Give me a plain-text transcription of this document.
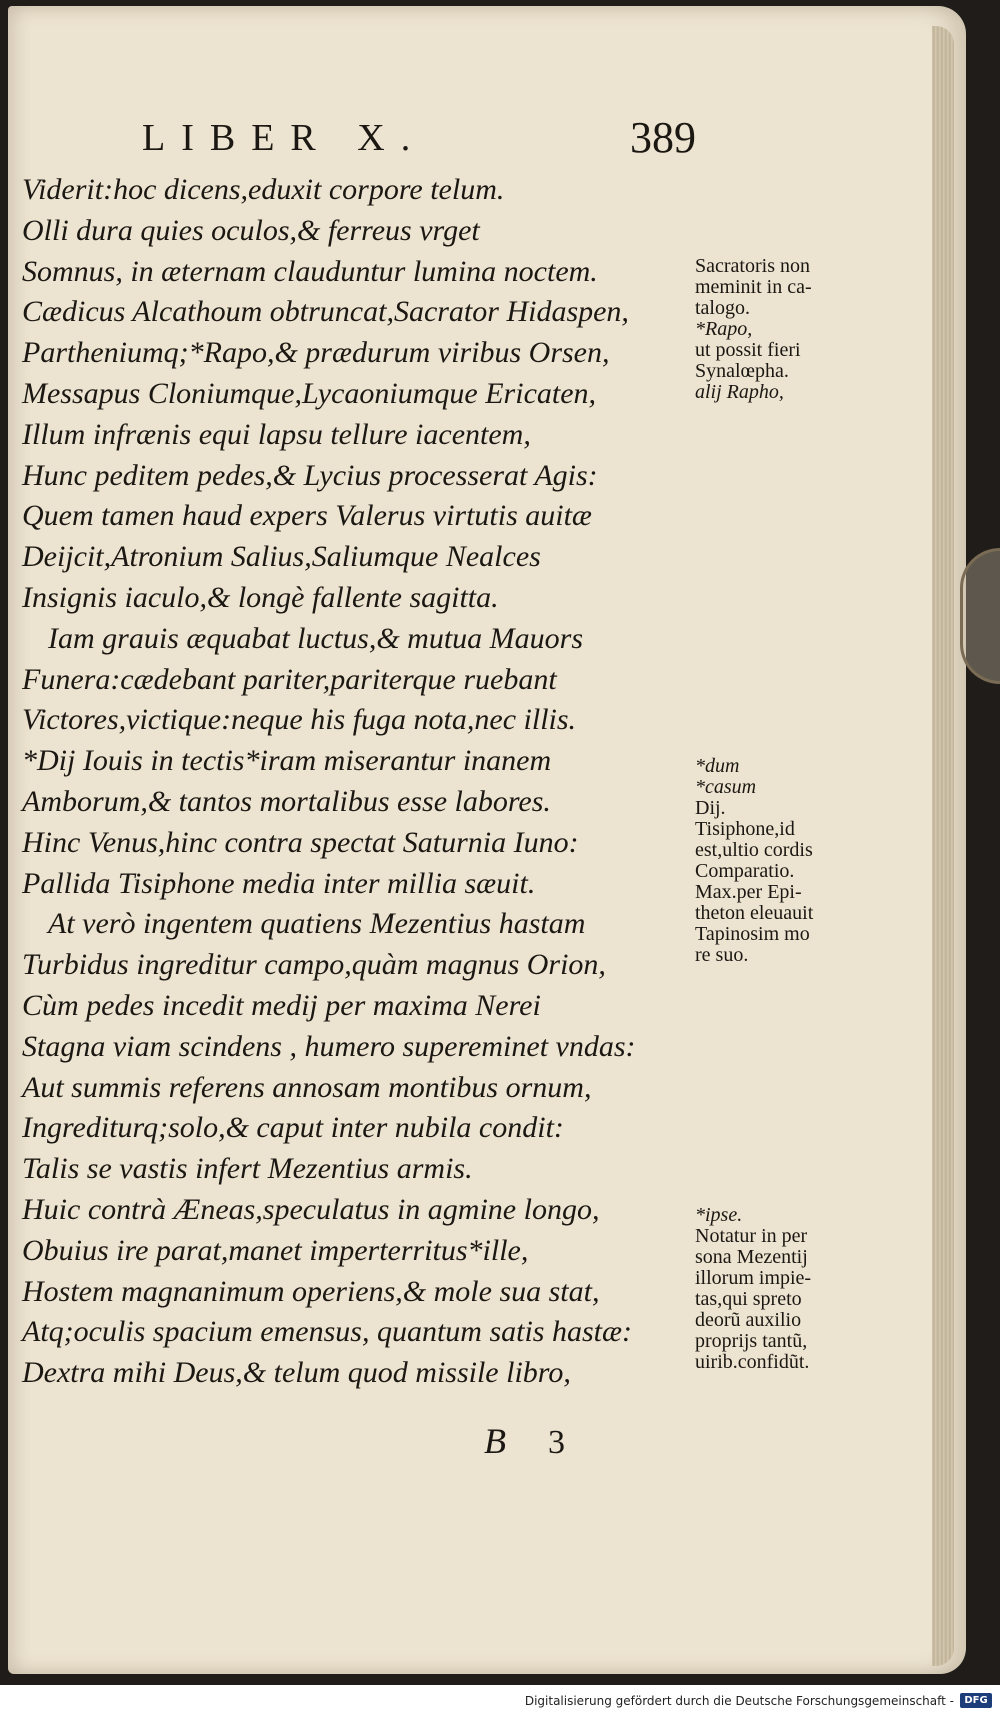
LIBER X.	389
Viderit:hoc dicens,eduxit corpore telum.
Olli dura quies oculos,& ferreus vrget
Somnus, in æternam clauduntur lumina noctem.
Cædicus Alcathoum obtruncat,Sacrator Hidaspen,
Partheniumq;*Rapo,& prædurum viribus Orsen,
Messapus Cloniumque,Lycaoniumque Ericaten,
Illum infrænis equi lapsu tellure iacentem,
Hunc peditem pedes,& Lycius processerat Agis:
Quem tamen haud expers Valerus virtutis auitæ
Deijcit,Atronium Salius,Saliumque Nealces
Insignis iaculo,& longè fallente sagitta.
Iam grauis æquabat luctus,& mutua Mauors
Funera:cædebant pariter,pariterque ruebant
Victores,victique:neque his fuga nota,nec illis.
*Dij Iouis in tectis*iram miserantur inanem
Amborum,& tantos mortalibus esse labores.
Hinc Venus,hinc contra spectat Saturnia Iuno:
Pallida Tisiphone media inter millia sæuit.
At verò ingentem quatiens Mezentius hastam
Turbidus ingreditur campo,quàm magnus Orion,
Cùm pedes incedit medij per maxima Nerei
Stagna viam scindens , humero supereminet vndas:
Aut summis referens annosam montibus ornum,
Ingrediturq;solo,& caput inter nubila condit:
Talis se vastis infert Mezentius armis.
Huic contrà Æneas,speculatus in agmine longo,
Obuius ire parat,manet imperterritus*ille,
Hostem magnanimum operiens,& mole sua stat,
Atq;oculis spacium emensus, quantum satis hastæ:
Dextra mihi Deus,& telum quod missile libro,
Sacratoris non
meminit in ca-
talogo.
*Rapo,
ut possit fieri
Synalœpha.
alij Rapho,
*dum
*casum
Dij.
Tisiphone,id
est,ultio cordis
Comparatio.
Max.per Epi-
theton eleuauit
Tapinosim mo
re suo.
*ipse.
Notatur in per
sona Mezentij
illorum impie-
tas,qui spreto
deorũ auxilio
proprijs tantũ,
uirib.confidũt.
B 3
Digitalisierung gefördert durch die Deutsche Forschungsgemeinschaft -	DFG
